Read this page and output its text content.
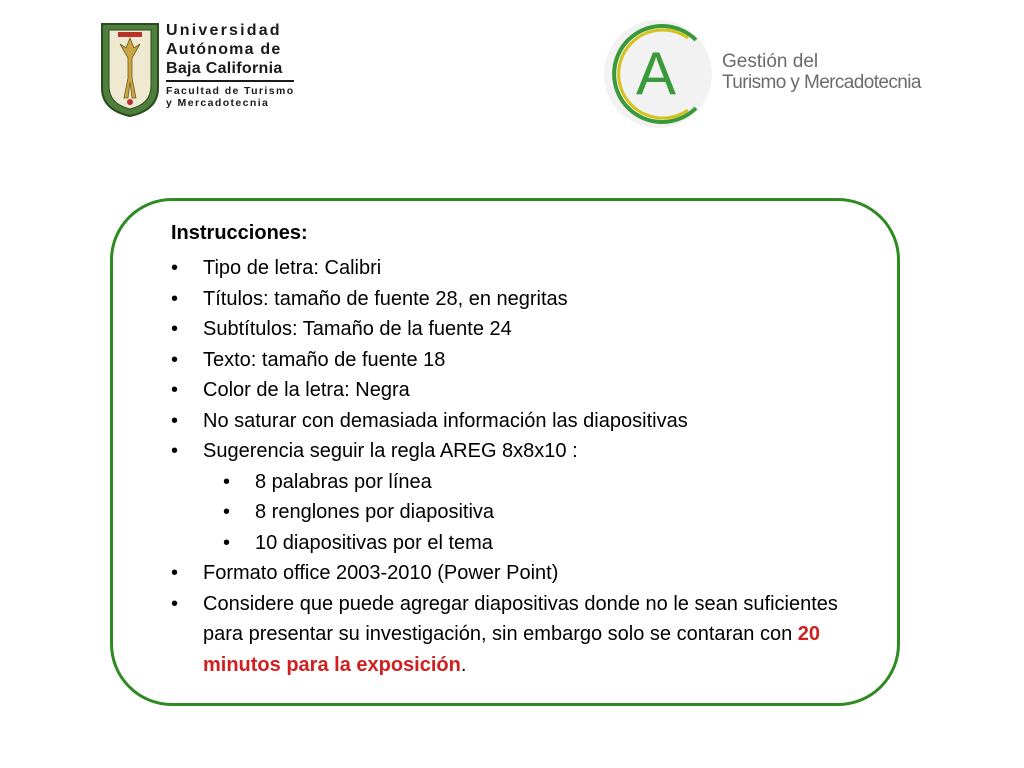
Universidad
Autónoma de
Baja California
Facultad de Turismo
y Mercadotecnia	A Gestión del
Turismo y Mercadotecnia
Instrucciones:
• Tipo de letra: Calibri
• Títulos: tamaño de fuente 28, en negritas
• Subtítulos: Tamaño de la fuente 24
• Texto: tamaño de fuente 18
• Color de la letra: Negra
• No saturar con demasiada información las diapositivas
• Sugerencia seguir la regla AREG 8x8x10 :
• 8 palabras por línea
• 8 renglones por diapositiva
• 10 diapositivas por el tema
• Formato office 2003-2010 (Power Point)
• Considere que puede agregar diapositivas donde no le sean suficientes para presentar su investigación, sin embargo solo se contaran con 20 minutos para la exposición.
